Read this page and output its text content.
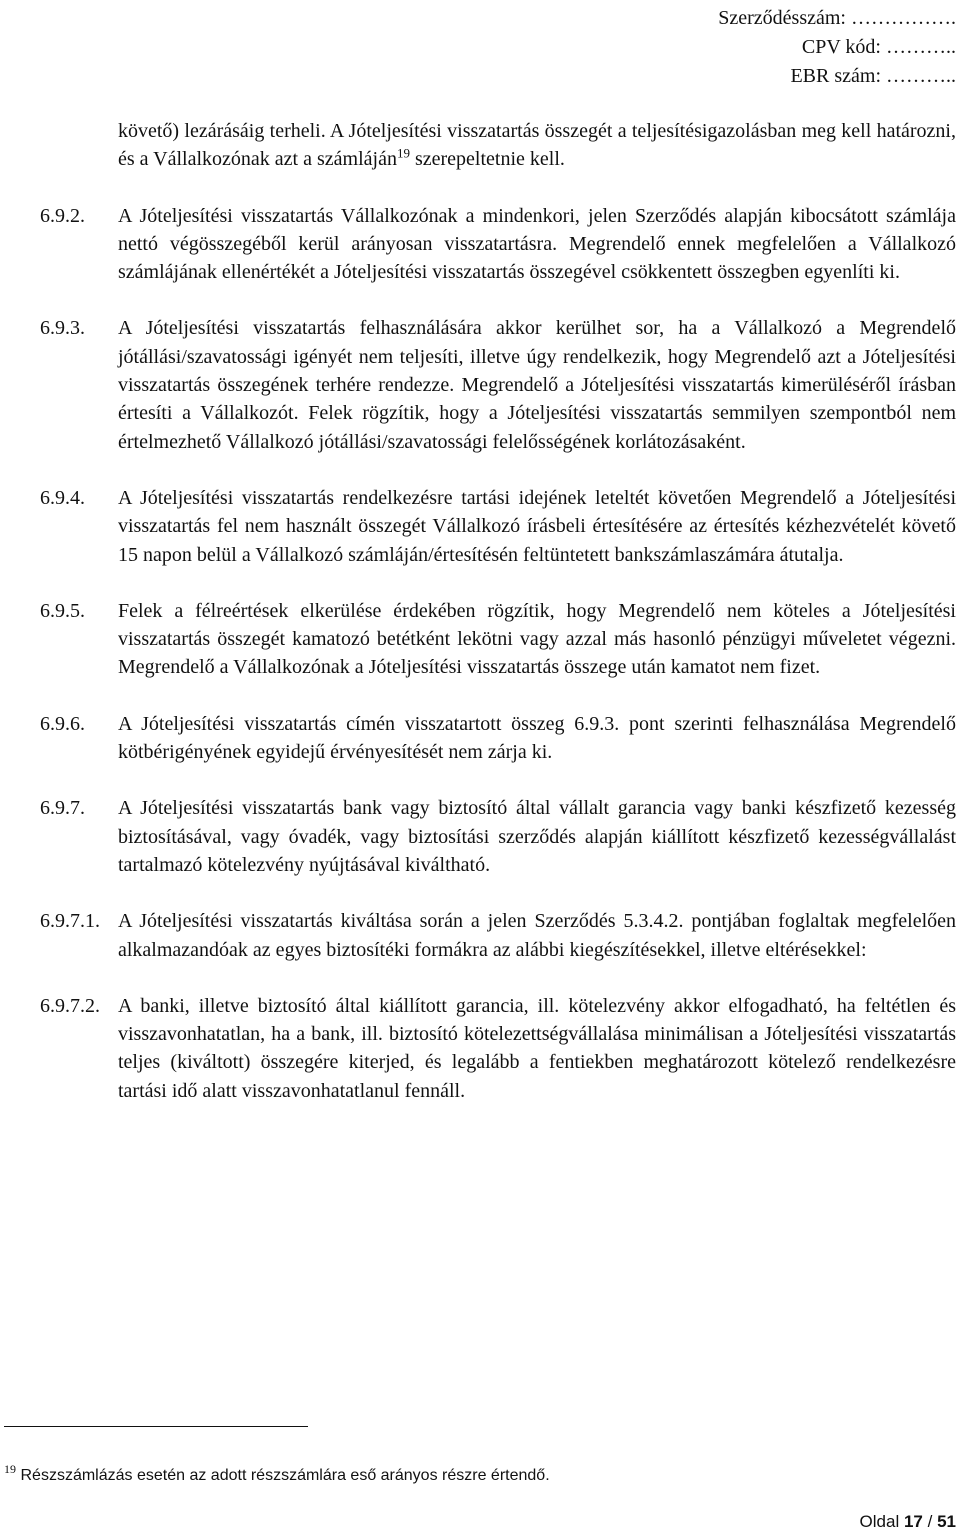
Szerződésszám: …………….
CPV kód: ………..
EBR szám: ………..

követő) lezárásáig terheli. A Jóteljesítési visszatartás összegét a teljesítésigazolásban meg kell határozni, és a Vállalkozónak azt a számláján$^{19}$ szerepeltetnie kell.

6.9.2. A Jóteljesítési visszatartás Vállalkozónak a mindenkori, jelen Szerződés alapján kibocsátott számlája nettó végösszegéből kerül arányosan visszatartásra. Megrendelő ennek megfelelően a Vállalkozó számlájának ellenértékét a Jóteljesítési visszatartás összegével csökkentett összegben egyenlíti ki.

6.9.3. A Jóteljesítési visszatartás felhasználására akkor kerülhet sor, ha a Vállalkozó a Megrendelő jótállási/szavatossági igényét nem teljesíti, illetve úgy rendelkezik, hogy Megrendelő azt a Jóteljesítési visszatartás összegének terhére rendezze. Megrendelő a Jóteljesítési visszatartás kimerüléséről írásban értesíti a Vállalkozót. Felek rögzítik, hogy a Jóteljesítési visszatartás semmilyen szempontból nem értelmezhető Vállalkozó jótállási/szavatossági felelősségének korlátozásaként.

6.9.4. A Jóteljesítési visszatartás rendelkezésre tartási idejének leteltét követően Megrendelő a Jóteljesítési visszatartás fel nem használt összegét Vállalkozó írásbeli értesítésére az értesítés kézhezvételét követő 15 napon belül a Vállalkozó számláján/értesítésén feltüntetett bankszámlaszámára átutalja.

6.9.5. Felek a félreértések elkerülése érdekében rögzítik, hogy Megrendelő nem köteles a Jóteljesítési visszatartás összegét kamatozó betétként lekötni vagy azzal más hasonló pénzügyi műveletet végezni. Megrendelő a Vállalkozónak a Jóteljesítési visszatartás összege után kamatot nem fizet.

6.9.6. A Jóteljesítési visszatartás címén visszatartott összeg 6.9.3. pont szerinti felhasználása Megrendelő kötbérigényének egyidejű érvényesítését nem zárja ki.

6.9.7. A Jóteljesítési visszatartás bank vagy biztosító által vállalt garancia vagy banki készfizető kezesség biztosításával, vagy óvadék, vagy biztosítási szerződés alapján kiállított készfizető kezességvállalást tartalmazó kötelezvény nyújtásával kiváltható.

6.9.7.1. A Jóteljesítési visszatartás kiváltása során a jelen Szerződés 5.3.4.2. pontjában foglaltak megfelelően alkalmazandóak az egyes biztosítéki formákra az alábbi kiegészítésekkel, illetve eltérésekkel:

6.9.7.2. A banki, illetve biztosító által kiállított garancia, ill. kötelezvény akkor elfogadható, ha feltétlen és visszavonhatatlan, ha a bank, ill. biztosító kötelezettségvállalása minimálisan a Jóteljesítési visszatartás teljes (kiváltott) összegére kiterjed, és legalább a fentiekben meghatározott kötelező rendelkezésre tartási idő alatt visszavonhatatlanul fennáll.

$^{19}$ Részszámlázás esetén az adott részszámlára eső arányos részre értendő.
Oldal 17 / 51
